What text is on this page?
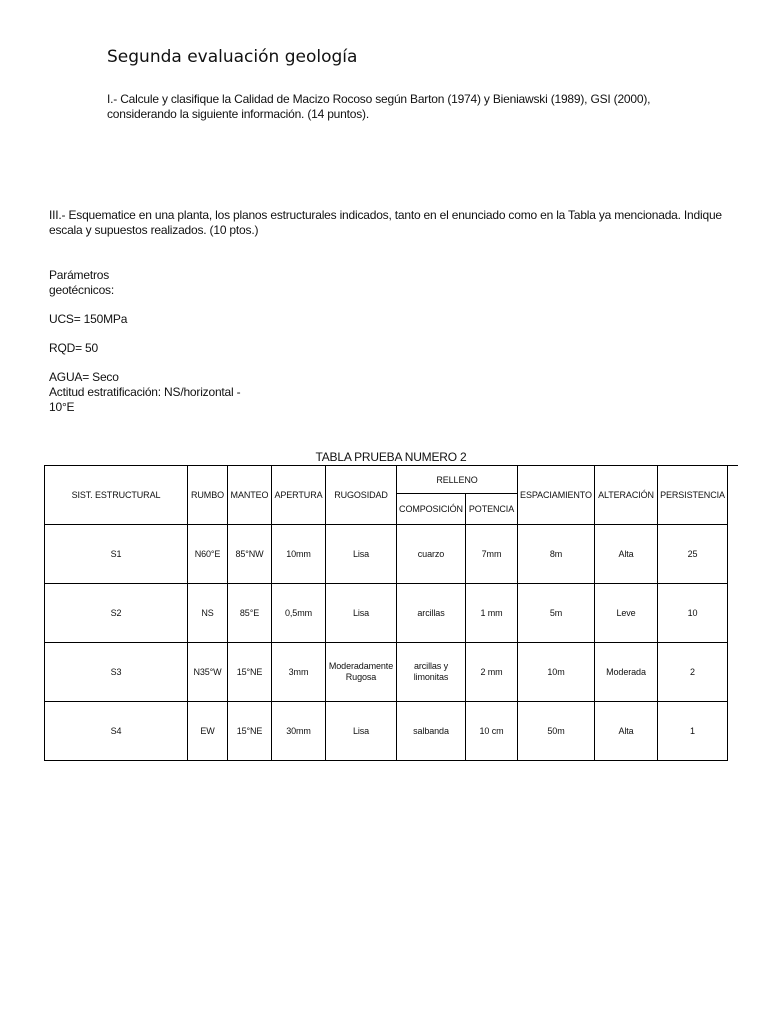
Segunda evaluación geología
I.- Calcule y clasifique la Calidad de Macizo Rocoso según Barton (1974) y Bieniawski (1989), GSI (2000), considerando la siguiente información. (14 puntos).
III.- Esquematice en una planta, los planos estructurales indicados, tanto en el enunciado como en la Tabla ya mencionada. Indique escala y supuestos realizados. (10 ptos.)
Parámetros
geotécnicos:
UCS= 150MPa
RQD= 50
AGUA= Seco
Actitud estratificación: NS/horizontal -
10°E
TABLA PRUEBA NUMERO 2
SIST. ESTRUCTURAL	RUMBO	MANTEO	APERTURA	RUGOSIDAD	RELLENO		ESPACIAMIENTO	ALTERACIÓN	PERSISTENCIA
					COMPOSICIÓN	POTENCIA			
S1	N60°E	85°NW	10mm	Lisa	cuarzo	7mm	8m	Alta	25
S2	NS	85°E	0,5mm	Lisa	arcillas	1 mm	5m	Leve	10
S3	N35°W	15°NE	3mm	Moderadamente Rugosa	arcillas y limonitas	2 mm	10m	Moderada	2
S4	EW	15°NE	30mm	Lisa	salbanda	10 cm	50m	Alta	1
